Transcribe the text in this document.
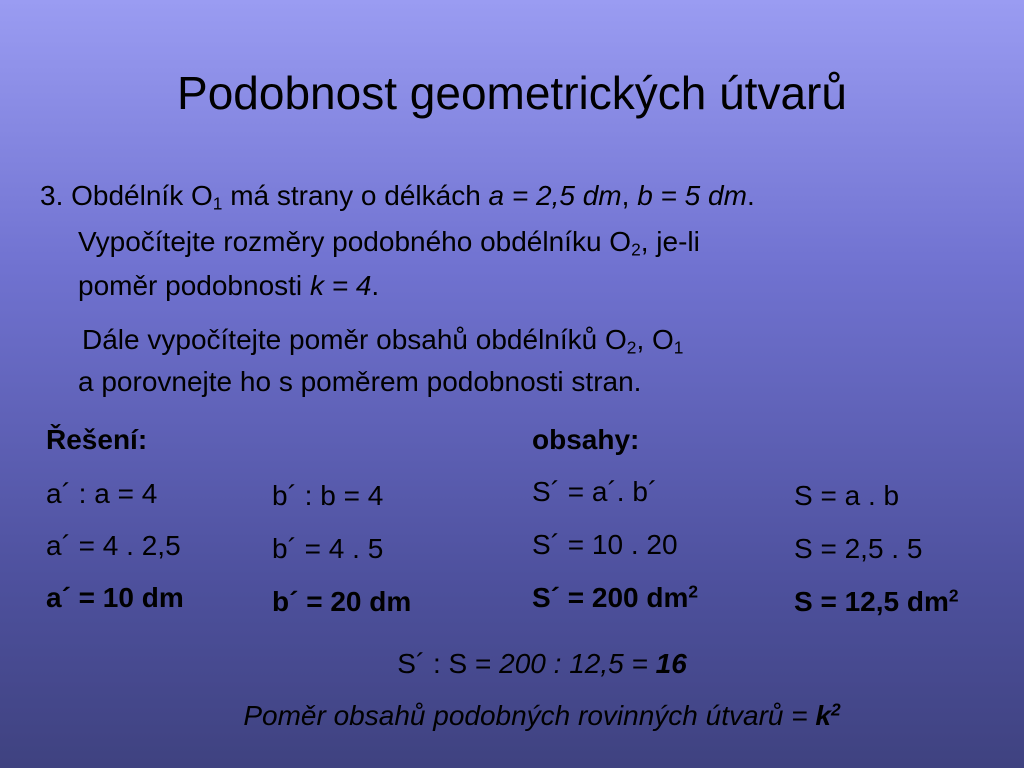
Podobnost geometrických útvarů
3. Obdélník $O_1$ má strany o délkách a = 2,5 dm, b = 5 dm.
Vypočítejte rozměry podobného obdélníku $O_2$, je-li
poměr podobnosti k = 4.
Dále vypočítejte poměr obsahů obdélníků $O_2$, $O_1$
a porovnejte ho s poměrem podobnosti stran.
Řešení:	obsahy:
a´ : a = 4
a´ = 4 . 2,5
a´ = 10 dm
b´ : b = 4
b´ = 4 . 5
b´ = 20 dm
S´ = a´. b´
S´ = 10 . 20
S´ = 200 $dm^2$
S = a . b
S = 2,5 . 5
S = 12,5 $dm^2$
S´ : S = 200 : 12,5 = 16
Poměr obsahů podobných rovinných útvarů = $k^2$
